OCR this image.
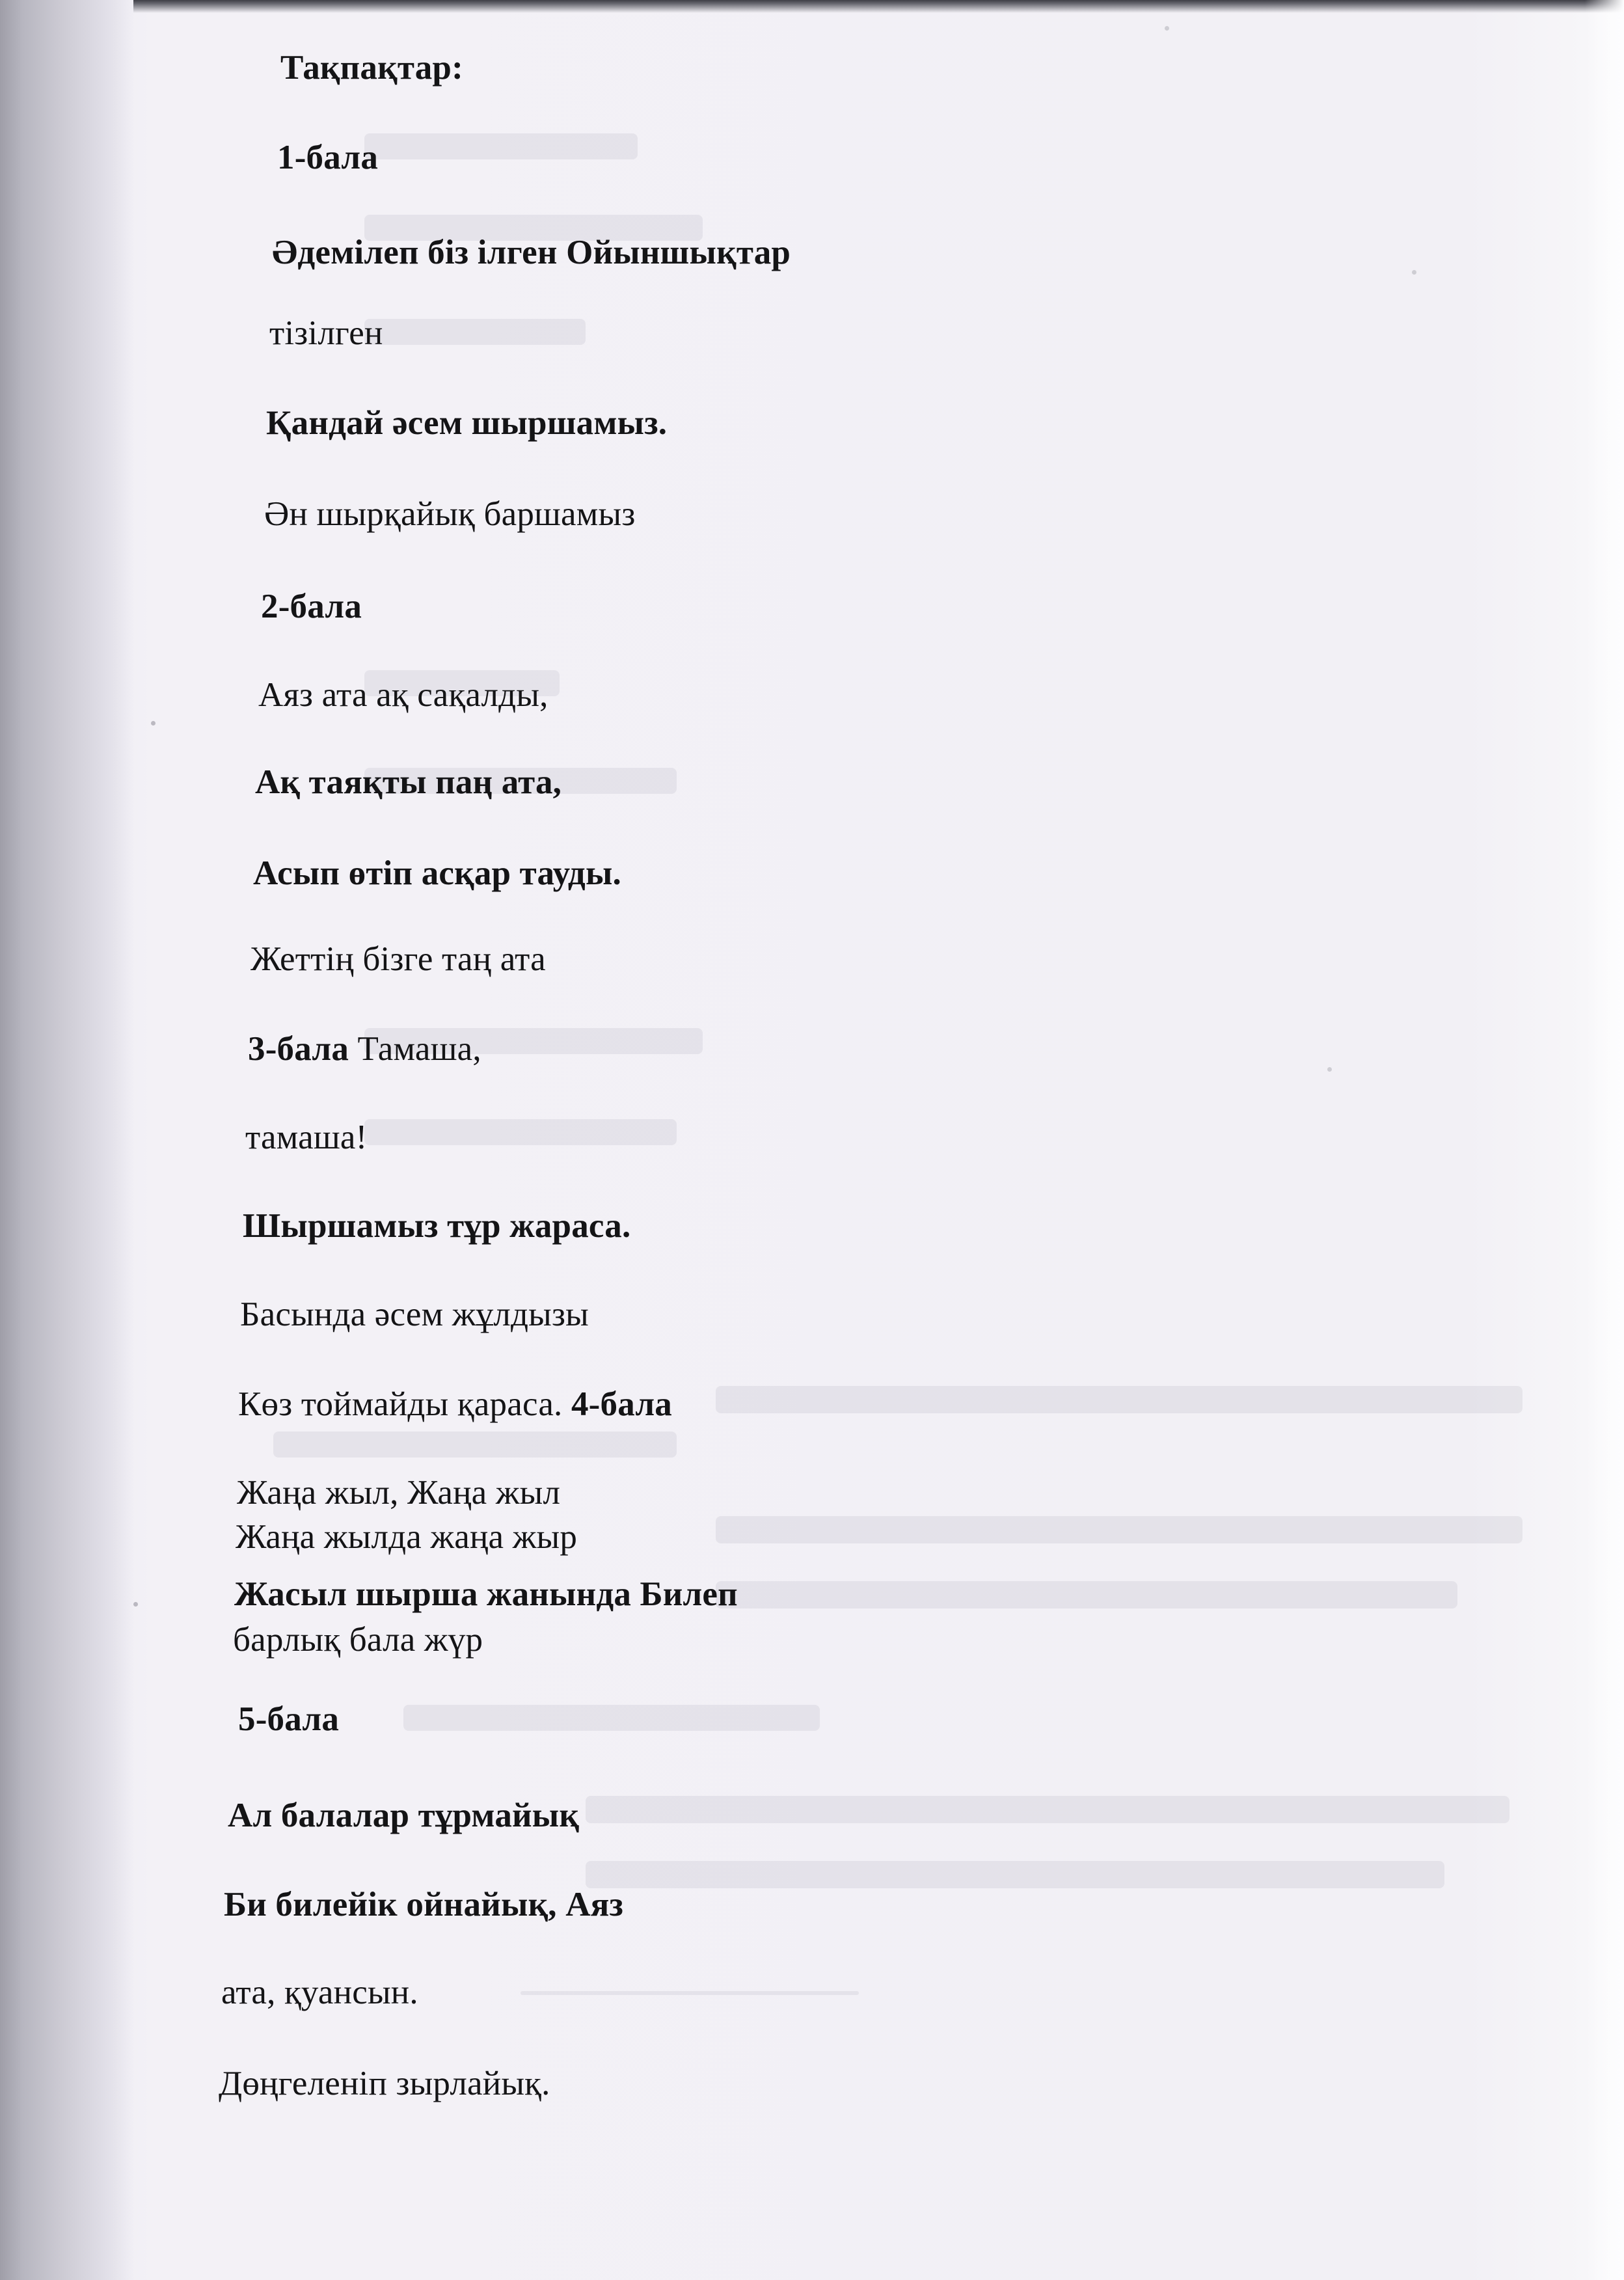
Тақпақтар:
1-бала
Әдемілеп біз ілген Ойыншықтар
тізілген
Қандай әсем шыршамыз.
Ән шырқайық баршамыз
2-бала
Аяз ата ақ сақалды,
Ақ таяқты паң ата,
Асып өтіп асқар тауды.
Жеттің бізге таң ата
3-бала Тамаша,
тамаша!
Шыршамыз тұр жараса.
Басында әсем жұлдызы
Көз тоймайды қараса. 4-бала
Жаңа жыл, Жаңа жыл
Жаңа жылда жаңа жыр
Жасыл шырша жанында Билеп
барлық бала жүр
5-бала
Ал балалар тұрмайық
Би билейік ойнайық, Аяз
ата, қуансын.
Дөңгеленіп зырлайық.
